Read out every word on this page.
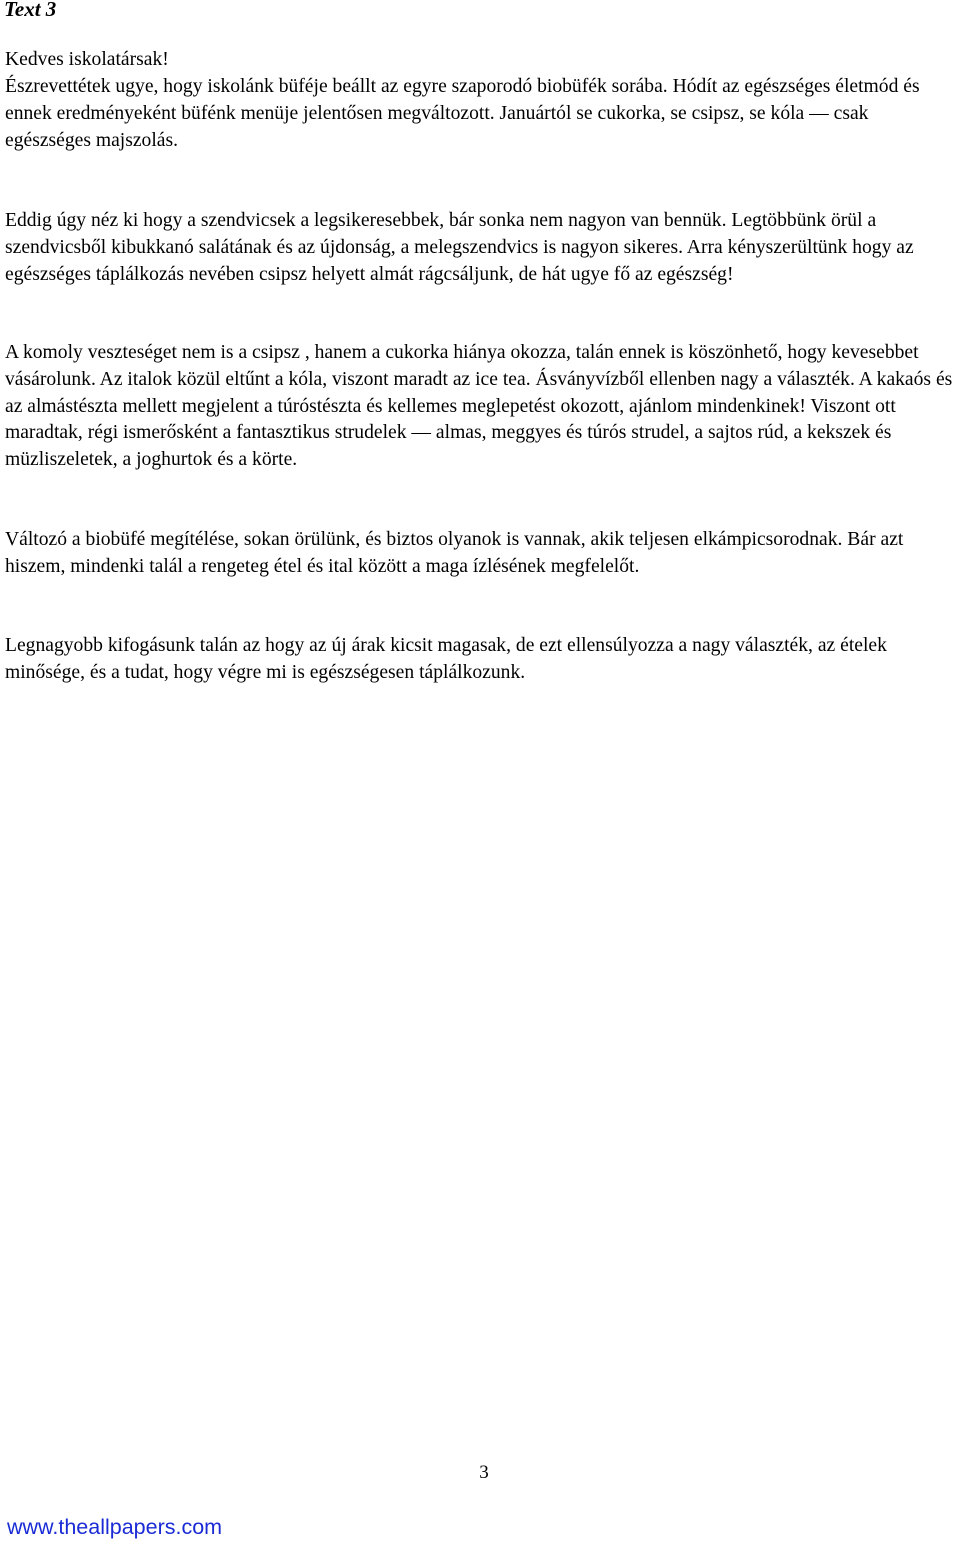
Text 3

Kedves iskolatársak!

Észrevettétek ugye, hogy iskolánk büféje beállt az egyre szaporodó biobüfék sorába. Hódít az egészséges életmód és ennek eredményeként büfénk menüje jelentősen megváltozott. Januártól se cukorka, se csipsz, se kóla — csak egészséges majszolás.

Eddig úgy néz ki hogy a szendvicsek a legsikeresebbek, bár sonka nem nagyon van bennük. Legtöbbünk örül a szendvicsből kibukkanó salátának és az újdonság, a melegszendvics is nagyon sikeres. Arra kényszerültünk hogy az egészséges táplálkozás nevében csipsz helyett almát rágcsáljunk, de hát ugye fő az egészség!

A komoly veszteséget nem is a csipsz , hanem a cukorka hiánya okozza, talán ennek is köszönhető, hogy kevesebbet vásárolunk. Az italok közül eltűnt a kóla, viszont maradt az ice tea. Ásványvízből ellenben nagy a választék. A kakaós és az almástészta mellett megjelent a túróstészta és kellemes meglepetést okozott, ajánlom mindenkinek! Viszont ott maradtak, régi ismerősként a fantasztikus strudelek — almas, meggyes és túrós strudel, a sajtos rúd, a kekszek és müzliszeletek, a joghurtok és a körte.

Változó a biobüfé megítélése, sokan örülünk, és biztos olyanok is vannak, akik teljesen elkámpicsorodnak. Bár azt hiszem, mindenki talál a rengeteg étel és ital között a maga ízlésének megfelelőt.

Legnagyobb kifogásunk talán az hogy az új árak kicsit magasak, de ezt ellensúlyozza a nagy választék, az ételek minősége, és a tudat, hogy végre mi is egészségesen táplálkozunk.

3
www.theallpapers.com
